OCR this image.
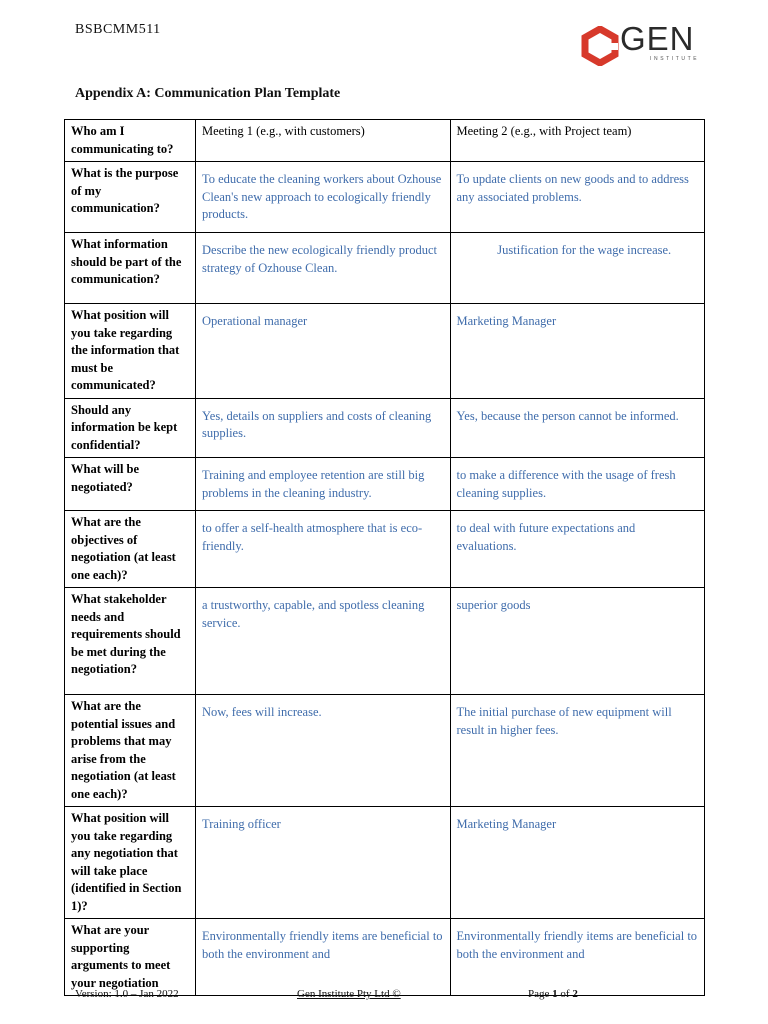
BSBCMM511	GEN
INSTITUTE
Appendix A: Communication Plan Template
Who am I communicating to?	Meeting 1 (e.g., with customers)	Meeting 2 (e.g., with Project team)
What is the purpose of my communication?	To educate the cleaning workers about Ozhouse Clean's new approach to ecologically friendly products.	To update clients on new goods and to address any associated problems.
What information should be part of the communication?	Describe the new ecologically friendly product strategy of Ozhouse Clean.	Justification for the wage increase.
What position will you take regarding the information that must be communicated?	Operational manager	Marketing Manager
Should any information be kept confidential?	Yes, details on suppliers and costs of cleaning supplies.	Yes, because the person cannot be informed.
What will be negotiated?	Training and employee retention are still big problems in the cleaning industry.	to make a difference with the usage of fresh cleaning supplies.
What are the objectives of negotiation (at least one each)?	to offer a self-health atmosphere that is eco-friendly.	to deal with future expectations and evaluations.
What stakeholder needs and requirements should be met during the negotiation?	a trustworthy, capable, and spotless cleaning service.	superior goods
What are the potential issues and problems that may arise from the negotiation (at least one each)?	Now, fees will increase.	The initial purchase of new equipment will result in higher fees.
What position will you take regarding any negotiation that will take place (identified in Section 1)?	Training officer	Marketing Manager
What are your supporting arguments to meet your negotiation	Environmentally friendly items are beneficial to both the environment and	Environmentally friendly items are beneficial to both the environment and
Version: 1.0 – Jan 2022	Gen Institute Pty Ltd ©	Page 1 of 2
